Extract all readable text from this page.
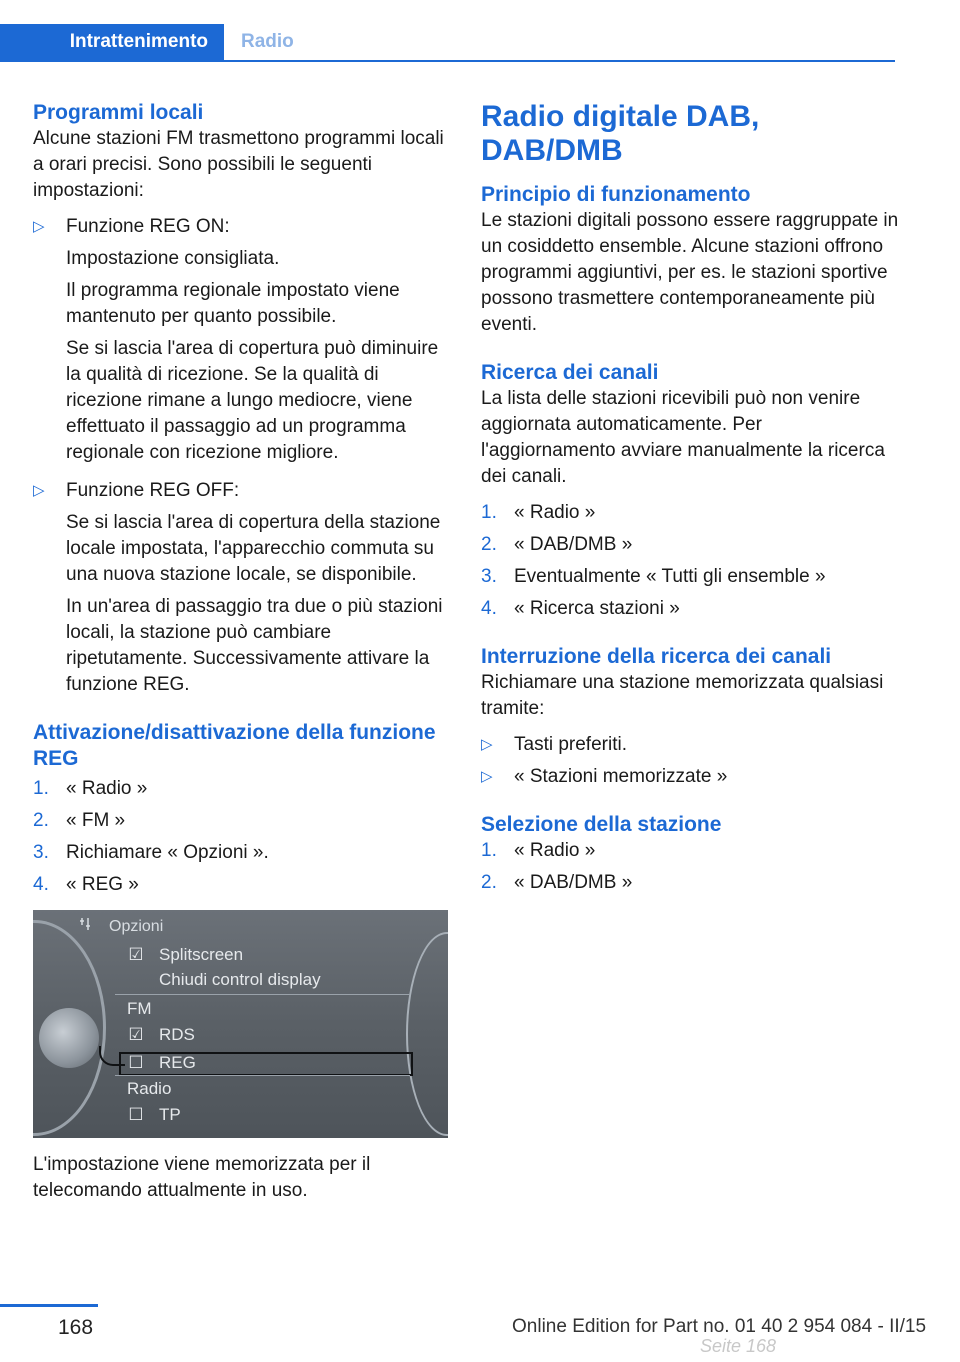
Intrattenimento	Radio
Programmi locali

Alcune stazioni FM trasmettono programmi locali a orari precisi. Sono possibili le seguenti impostazioni:

▷ Funzione REG ON:

Impostazione consigliata.

Il programma regionale impostato viene mantenuto per quanto possibile.

Se si lascia l'area di copertura può diminuire la qualità di ricezione. Se la qualità di ricezione rimane a lungo mediocre, viene effettuato il passaggio ad un programma regionale con ricezione migliore.

▷ Funzione REG OFF:

Se si lascia l'area di copertura della stazione locale impostata, l'apparecchio commuta su una nuova stazione locale, se disponibile.

In un'area di passaggio tra due o più stazioni locali, la stazione può cambiare ripetutamente. Successivamente attivare la funzione REG.

Attivazione/disattivazione della funzione REG
1. « Radio »
2. « FM »
3. Richiamare « Opzioni ».
4. « REG »
Opzioni
☑ Splitscreen
Chiudi control display
FM
☑ RDS
☐ REG
Radio
☐ TP

L'impostazione viene memorizzata per il telecomando attualmente in uso.

Radio digitale DAB, DAB/DMB
Principio di funzionamento

Le stazioni digitali possono essere raggruppate in un cosiddetto ensemble. Alcune stazioni offrono programmi aggiuntivi, per es. le stazioni sportive possono trasmettere contemporaneamente più eventi.

Ricerca dei canali

La lista delle stazioni ricevibili può non venire aggiornata automaticamente. Per l'aggiornamento avviare manualmente la ricerca dei canali.

1. « Radio »
2. « DAB/DMB »
3. Eventualmente « Tutti gli ensemble »
4. « Ricerca stazioni »
Interruzione della ricerca dei canali

Richiamare una stazione memorizzata qualsiasi tramite:

▷ Tasti preferiti.
▷ « Stazioni memorizzate »
Selezione della stazione
1. « Radio »
2. « DAB/DMB »
168	Online Edition for Part no. 01 40 2 954 084 - II/15
Seite 168
